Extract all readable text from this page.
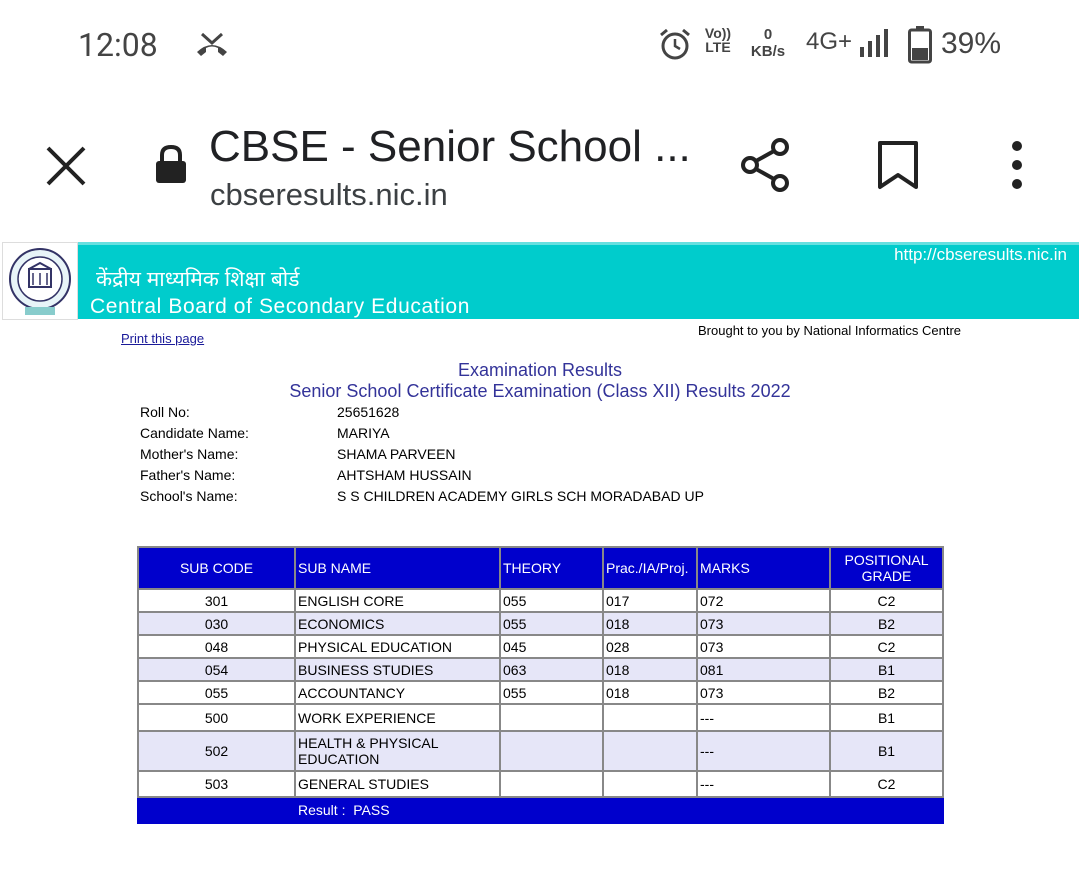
12:08	Vo))
LTE
0
KB/s 4G+	39%
CBSE - Senior School ...
cbseresults.nic.in
केंद्रीय माध्यमिक शिक्षा बोर्ड
Central Board of Secondary Education
http://cbseresults.nic.in
Print this page
Brought to you by National Informatics Centre
Examination Results
Senior School Certificate Examination (Class XII) Results 2022
Roll No:	25651628
Candidate Name:	MARIYA
Mother's Name:	SHAMA PARVEEN
Father's Name:	AHTSHAM HUSSAIN
School's Name:	S S CHILDREN ACADEMY GIRLS SCH MORADABAD UP
SUB CODE	SUB NAME	THEORY	Prac./IA/Proj.	MARKS	POSITIONAL GRADE
301	ENGLISH CORE	055	017	072	C2
030	ECONOMICS	055	018	073	B2
048	PHYSICAL EDUCATION	045	028	073	C2
054	BUSINESS STUDIES	063	018	081	B1
055	ACCOUNTANCY	055	018	073	B2
500	WORK EXPERIENCE			---	B1
502	HEALTH & PHYSICAL EDUCATION			---	B1
503	GENERAL STUDIES			---	C2
	Result : PASS				
